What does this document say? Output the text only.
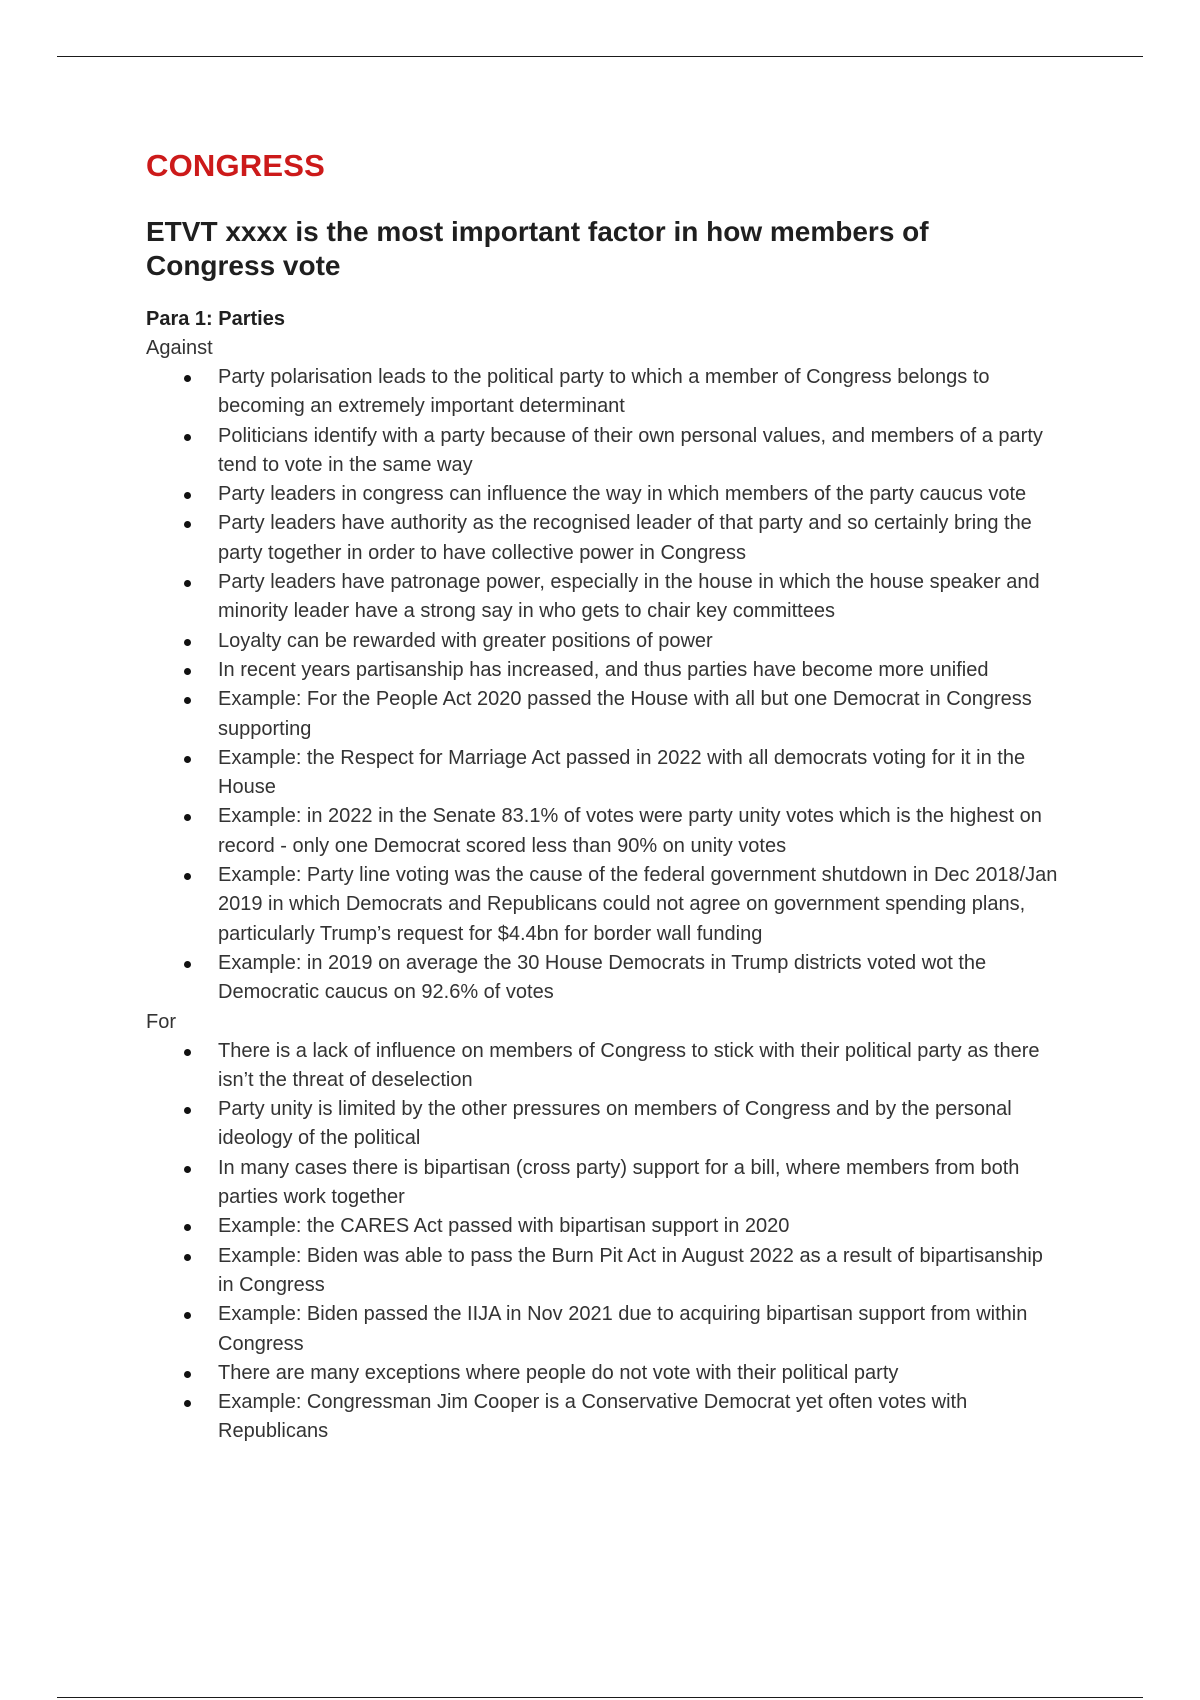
CONGRESS
ETVT xxxx is the most important factor in how members of Congress vote
Para 1: Parties
Against
Party polarisation leads to the political party to which a member of Congress belongs to becoming an extremely important determinant
Politicians identify with a party because of their own personal values, and members of a party tend to vote in the same way
Party leaders in congress can influence the way in which members of the party caucus vote
Party leaders have authority as the recognised leader of that party and so certainly bring the party together in order to have collective power in Congress
Party leaders have patronage power, especially in the house in which the house speaker and minority leader have a strong say in who gets to chair key committees
Loyalty can be rewarded with greater positions of power
In recent years partisanship has increased, and thus parties have become more unified
Example: For the People Act 2020 passed the House with all but one Democrat in Congress supporting
Example: the Respect for Marriage Act passed in 2022 with all democrats voting for it in the House
Example: in 2022 in the Senate 83.1% of votes were party unity votes which is the highest on record - only one Democrat scored less than 90% on unity votes
Example: Party line voting was the cause of the federal government shutdown in Dec 2018/Jan 2019 in which Democrats and Republicans could not agree on government spending plans, particularly Trump’s request for $4.4bn for border wall funding
Example: in 2019 on average the 30 House Democrats in Trump districts voted wot the Democratic caucus on 92.6% of votes
For
There is a lack of influence on members of Congress to stick with their political party as there isn’t the threat of deselection
Party unity is limited by the other pressures on members of Congress and by the personal ideology of the political
In many cases there is bipartisan (cross party) support for a bill, where members from both parties work together
Example: the CARES Act passed with bipartisan support in 2020
Example: Biden was able to pass the Burn Pit Act in August 2022 as a result of bipartisanship in Congress
Example: Biden passed the IIJA in Nov 2021 due to acquiring bipartisan support from within Congress
There are many exceptions where people do not vote with their political party
Example: Congressman Jim Cooper is a Conservative Democrat yet often votes with Republicans
